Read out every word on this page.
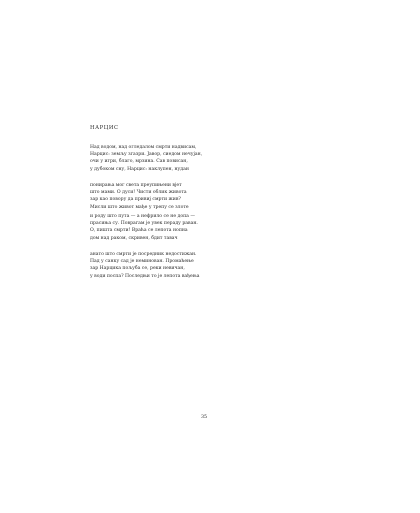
НАРЦИС
Над водом, над огледалом смрти надвисам,
Нарцис: земљу згазри. Јавор, сиедом нечујан,
очи у игри, благо, мрзина. Сав повисан,
у дубоком сну, Нарцис: наклупен, нудан
понирања мог света преупињени вјет
што мами. О дуси! Чисти облик живота
зар као повору да привиј смрти жив?
Мисли што живот мађе у трепу се злоте
и роду што пута — а нефрило се не допа —
прасиња су. Поврагам је увек пераду раван.
О, пишта смрти! Враћа се лепота нопна
дом над раком, скривен, бдит тавач
анато што смрти је посредник недостижан.
Пад у санку сад је неминован. Промаћење
зар Нарцика пољуба се, реки невичан,
у води поспа? Последњи то је лепота вађења
35
